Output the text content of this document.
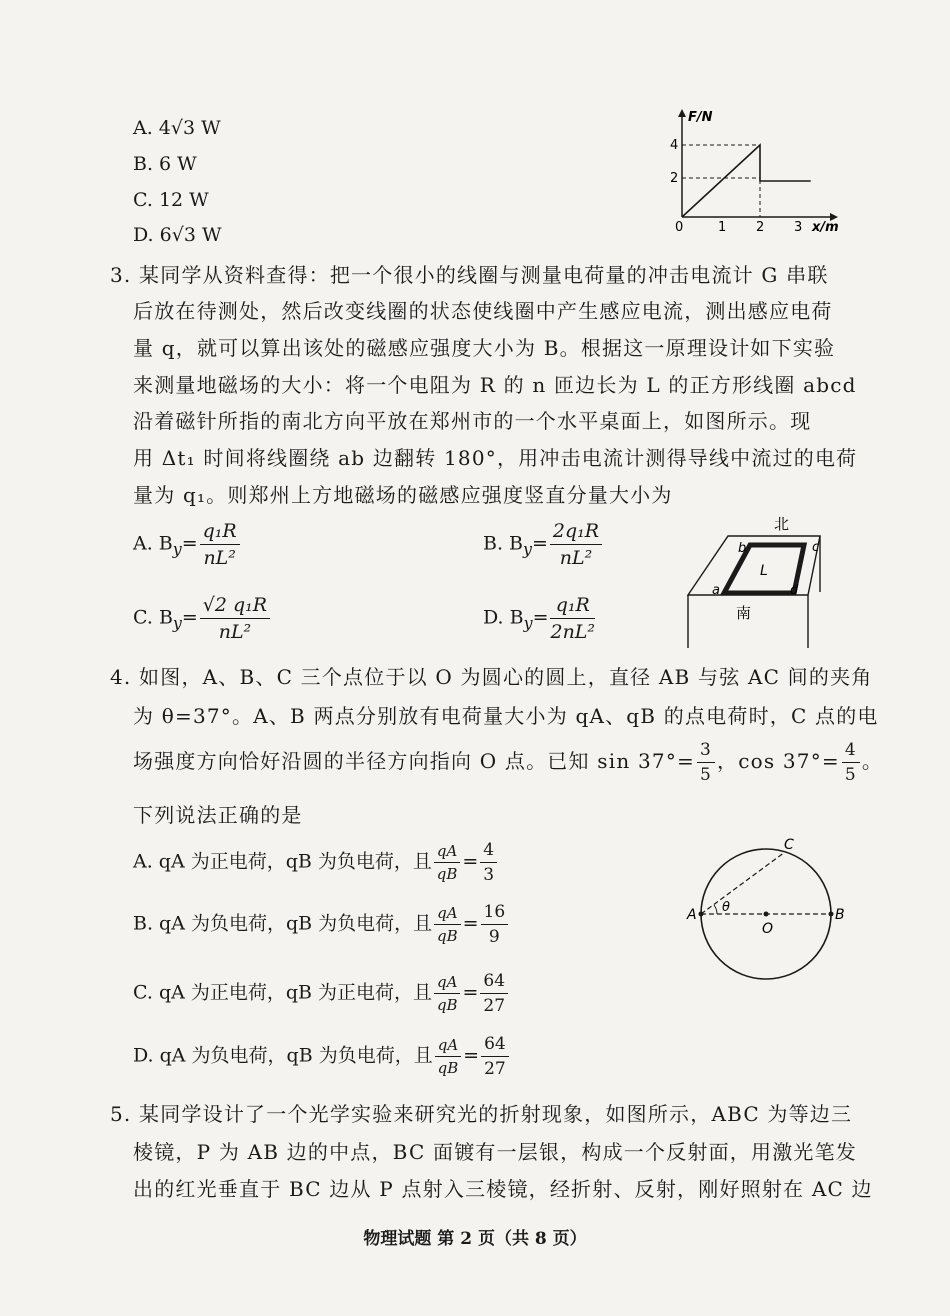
A. 4√3 W
B. 6 W
C. 12 W
D. 6√3 W
F/N
4
2
0	1 2 3 x/m
3. 某同学从资料查得：把一个很小的线圈与测量电荷量的冲击电流计 G 串联
后放在待测处，然后改变线圈的状态使线圈中产生感应电流，测出感应电荷
量 q，就可以算出该处的磁感应强度大小为 B。根据这一原理设计如下实验
来测量地磁场的大小：将一个电阻为 R 的 n 匝边长为 L 的正方形线圈 abcd
沿着磁针所指的南北方向平放在郑州市的一个水平桌面上，如图所示。现
用 Δt₁ 时间将线圈绕 ab 边翻转 180°，用冲击电流计测得导线中流过的电荷
量为 q₁。则郑州上方地磁场的磁感应强度竖直分量大小为
A. $B_y= \frac{\text{q₁R}}{\text{nL²}}$	B. $B_y= \frac{\text{2q₁R}}{\text{nL²}}$
C. $B_y= \frac{\text{√2 q₁R}}{\text{nL²}}$	D. $B_y= \frac{\text{q₁R}}{\text{2nL²}}$
北
b	c
a	d
L
南
4. 如图，A、B、C 三个点位于以 O 为圆心的圆上，直径 AB 与弦 AC 间的夹角
为 θ=37°。A、B 两点分别放有电荷量大小为 qA、qB 的点电荷时，C 点的电
场强度方向恰好沿圆的半径方向指向 O 点。已知 $\sin 37^\circ= \frac{3}{5}$ ，$\cos 37^\circ= \frac{4}{5}$ 。
下列说法正确的是
A. qA 为正电荷，qB 为负电荷，且 $\frac{qA}{qB} = \frac{4}{3}$
B. qA 为负电荷，qB 为负电荷，且 $\frac{qA}{qB} = \frac{16}{9}$
C. qA 为正电荷，qB 为正电荷，且 $\frac{qA}{qB} = \frac{64}{27}$
D. qA 为负电荷，qB 为负电荷，且 $\frac{qA}{qB} = \frac{64}{27}$
A	B
C
O
θ
5. 某同学设计了一个光学实验来研究光的折射现象，如图所示，ABC 为等边三
棱镜，P 为 AB 边的中点，BC 面镀有一层银，构成一个反射面，用激光笔发
出的红光垂直于 BC 边从 P 点射入三棱镜，经折射、反射，刚好照射在 AC 边
物理试题 第 2 页（共 8 页）
